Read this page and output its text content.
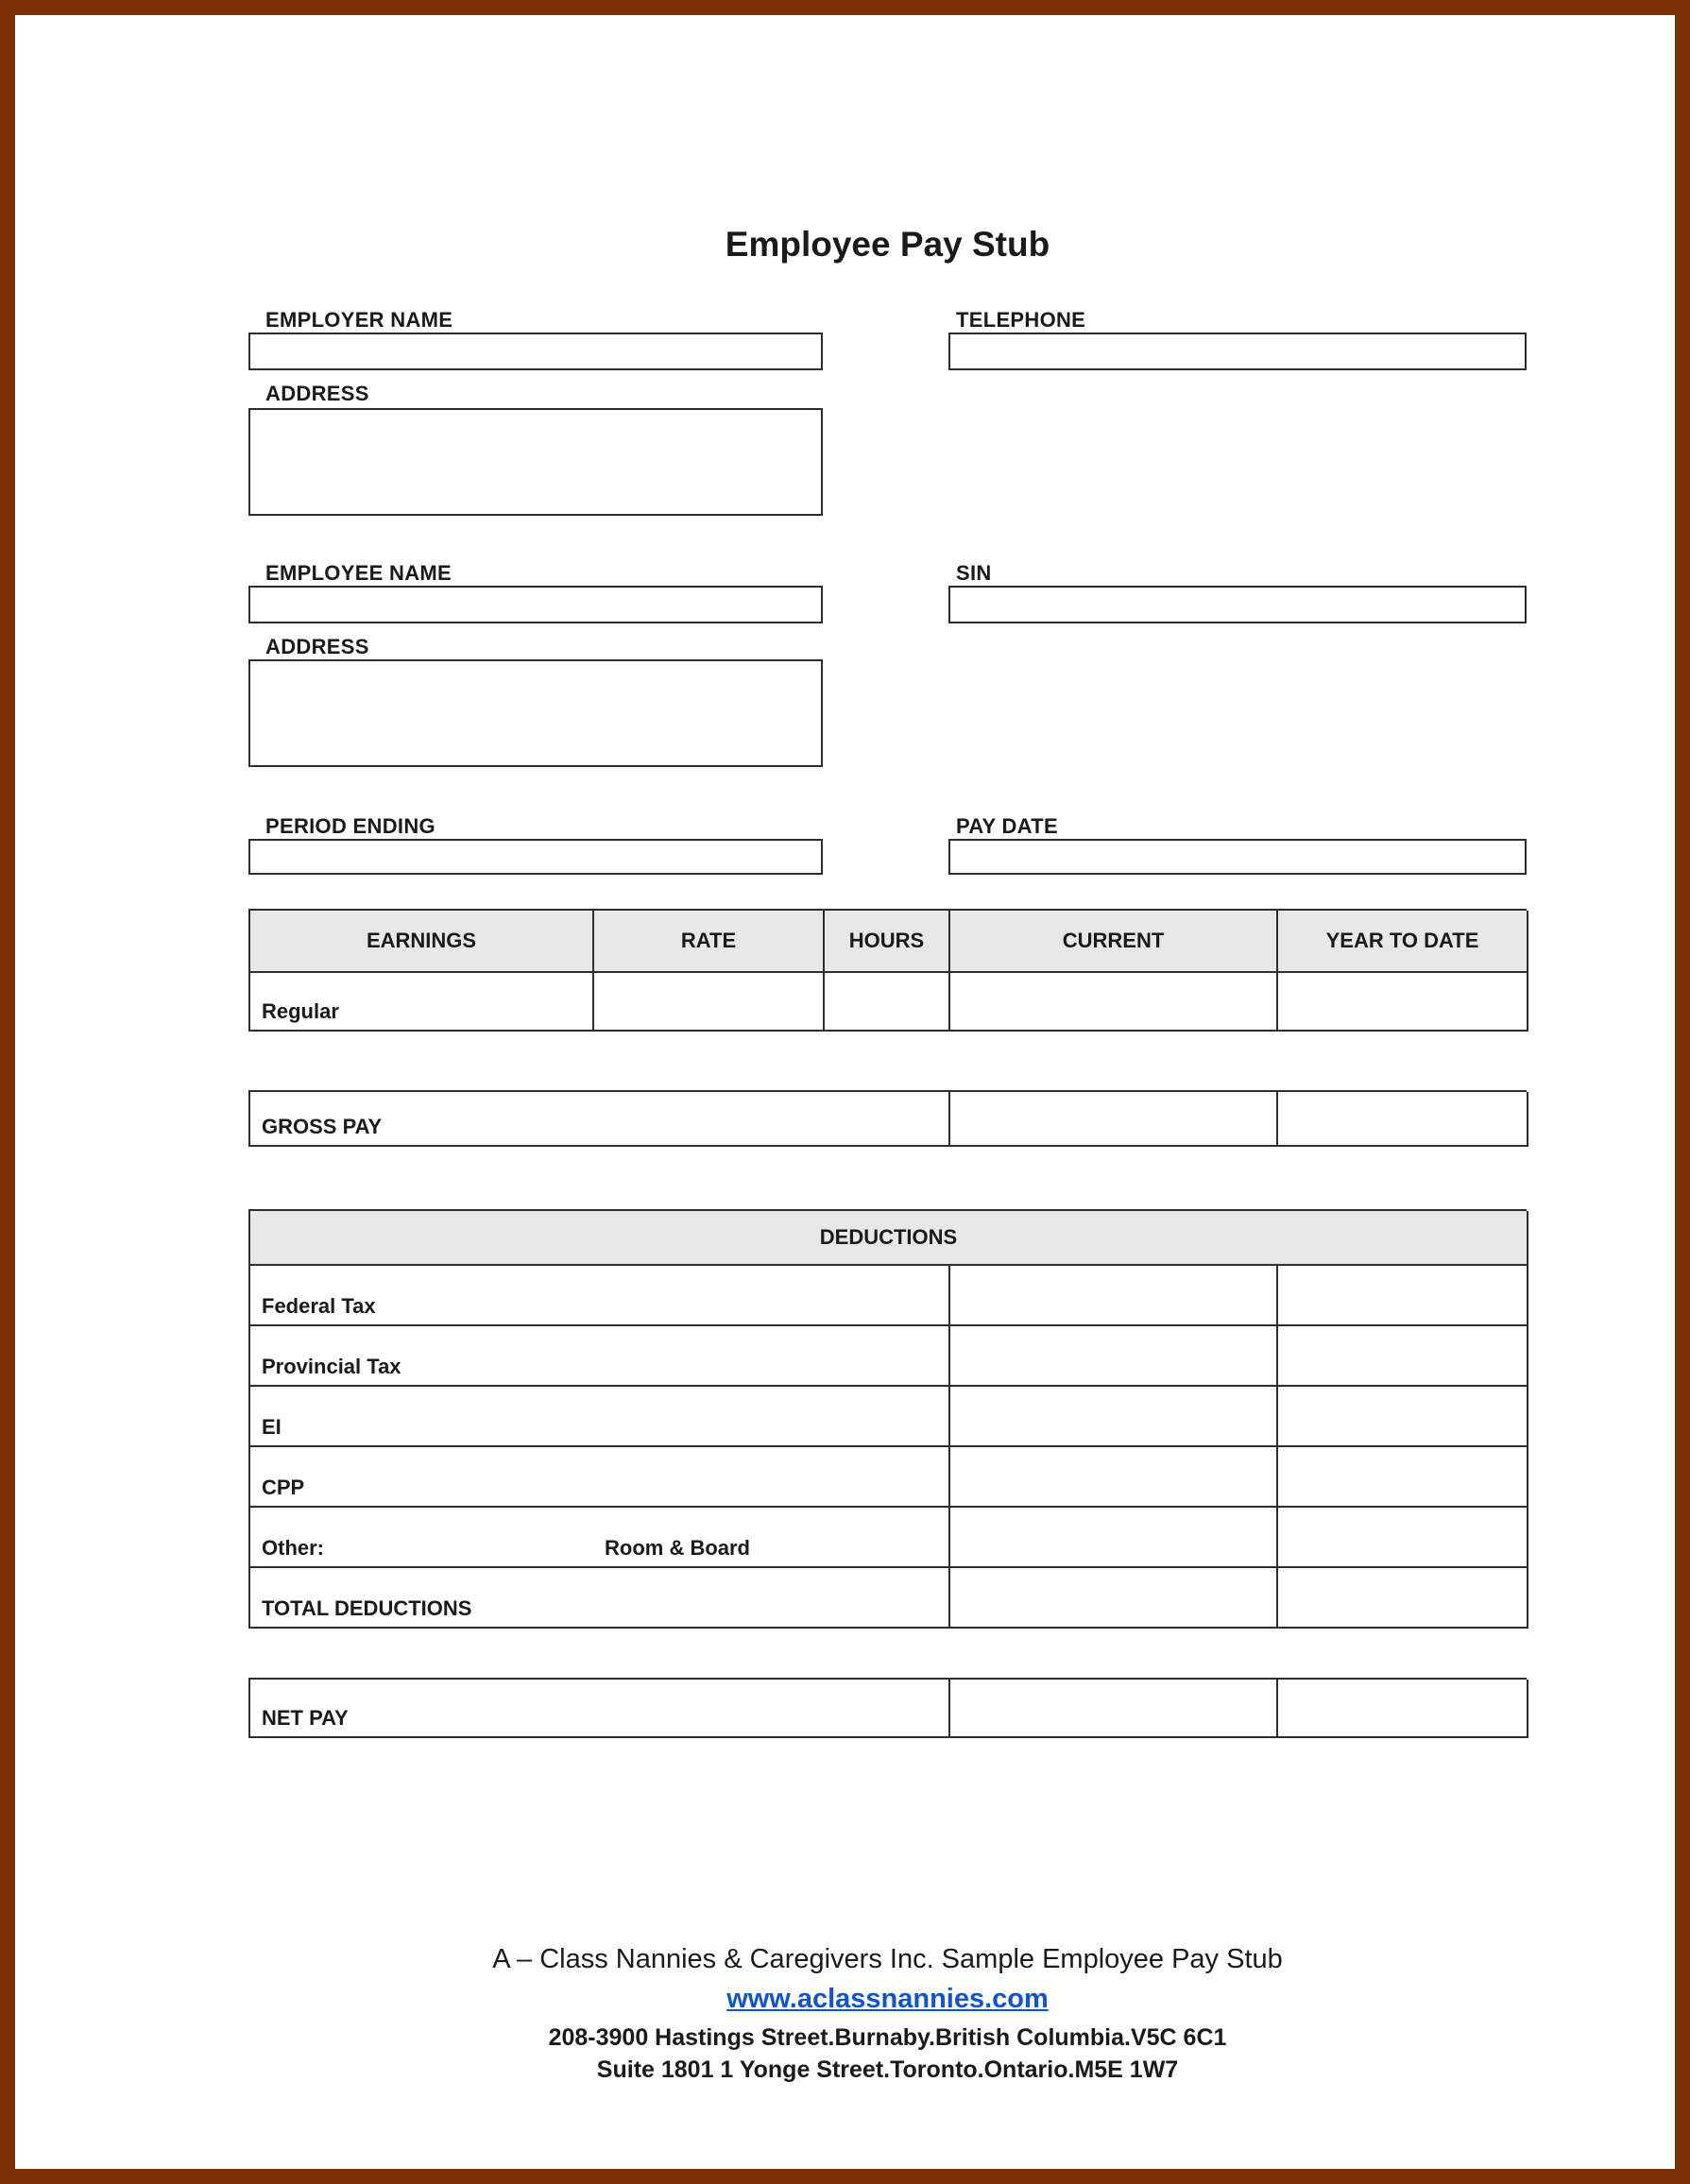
Employee Pay Stub
EMPLOYER NAME	TELEPHONE
ADDRESS
EMPLOYEE NAME	SIN
ADDRESS
PERIOD ENDING	PAY DATE
EARNINGS	RATE	HOURS	CURRENT	YEAR TO DATE
Regular
GROSS PAY
DEDUCTIONS
Federal Tax
Provincial Tax
EI
CPP
Other:	Room & Board
TOTAL DEDUCTIONS
NET PAY
A – Class Nannies & Caregivers Inc. Sample Employee Pay Stub
www.aclassnannies.com
208-3900 Hastings Street.Burnaby.British Columbia.V5C 6C1
Suite 1801 1 Yonge Street.Toronto.Ontario.M5E 1W7
